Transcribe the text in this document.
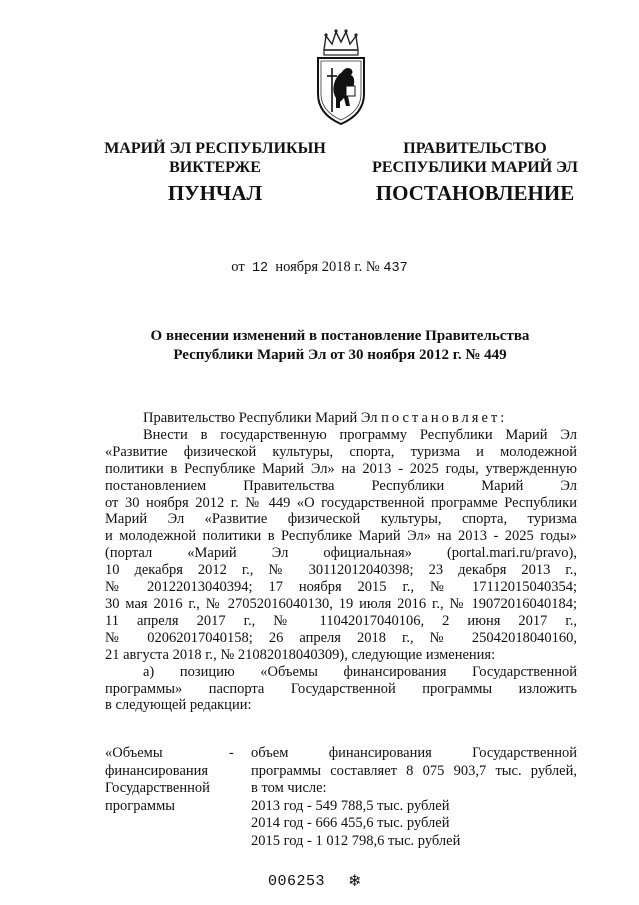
МАРИЙ ЭЛ РЕСПУБЛИКЫН
ВИКТЕРЖЕ
ПРАВИТЕЛЬСТВО
РЕСПУБЛИКИ МАРИЙ ЭЛ
ПУНЧАЛ	ПОСТАНОВЛЕНИЕ
от 12 ноября 2018 г. № 437
О внесении изменений в постановление Правительства
Республики Марий Эл от 30 ноября 2012 г. № 449
Правительство Республики Марий Эл постановляет:
Внести в государственную программу Республики Марий Эл
«Развитие физической культуры, спорта, туризма и молодежной
политики в Республике Марий Эл» на 2013 - 2025 годы, утвержденную
постановлением Правительства Республики Марий Эл
от 30 ноября 2012 г. № 449 «О государственной программе Республики
Марий Эл «Развитие физической культуры, спорта, туризма
и молодежной политики в Республике Марий Эл» на 2013 - 2025 годы»
(портал «Марий Эл официальная» (portal.mari.ru/pravo),
10 декабря 2012 г., № 30112012040398; 23 декабря 2013 г.,
№ 20122013040394; 17 ноября 2015 г., № 17112015040354;
30 мая 2016 г., № 27052016040130, 19 июля 2016 г., № 19072016040184;
11 апреля 2017 г., № 11042017040106, 2 июня 2017 г.,
№ 02062017040158; 26 апреля 2018 г., № 25042018040160,
21 августа 2018 г., № 21082018040309), следующие изменения:
а) позицию «Объемы финансирования Государственной
программы» паспорта Государственной программы изложить
в следующей редакции:
«Объемы
финансирования
Государственной
программы
- объем финансирования Государственной
программы составляет 8 075 903,7 тыс. рублей,
в том числе:
2013 год - 549 788,5 тыс. рублей
2014 год - 666 455,6 тыс. рублей
2015 год - 1 012 798,6 тыс. рублей
006253 ❄
